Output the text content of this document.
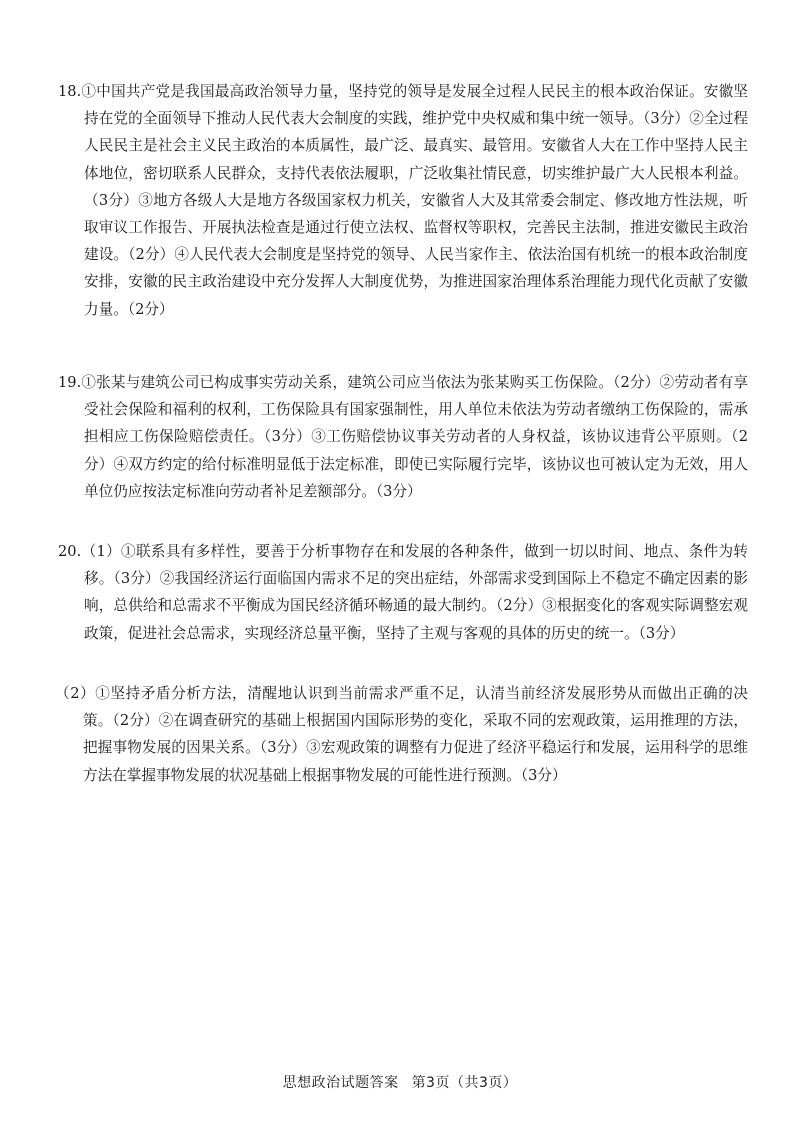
18.①中国共产党是我国最高政治领导力量，坚持党的领导是发展全过程人民民主的根本政治保证。安徽坚持在党的全面领导下推动人民代表大会制度的实践，维护党中央权威和集中统一领导。（3分）②全过程人民民主是社会主义民主政治的本质属性，最广泛、最真实、最管用。安徽省人大在工作中坚持人民主体地位，密切联系人民群众，支持代表依法履职，广泛收集社情民意，切实维护最广大人民根本利益。（3分）③地方各级人大是地方各级国家权力机关，安徽省人大及其常委会制定、修改地方性法规，听取审议工作报告、开展执法检查是通过行使立法权、监督权等职权，完善民主法制，推进安徽民主政治建设。（2分）④人民代表大会制度是坚持党的领导、人民当家作主、依法治国有机统一的根本政治制度安排，安徽的民主政治建设中充分发挥人大制度优势，为推进国家治理体系治理能力现代化贡献了安徽力量。（2分）

19.①张某与建筑公司已构成事实劳动关系，建筑公司应当依法为张某购买工伤保险。（2分）②劳动者有享受社会保险和福利的权利，工伤保险具有国家强制性，用人单位未依法为劳动者缴纳工伤保险的，需承担相应工伤保险赔偿责任。（3分）③工伤赔偿协议事关劳动者的人身权益，该协议违背公平原则。（2分）④双方约定的给付标准明显低于法定标准，即使已实际履行完毕，该协议也可被认定为无效，用人单位仍应按法定标准向劳动者补足差额部分。（3分）

20.（1）①联系具有多样性，要善于分析事物存在和发展的各种条件，做到一切以时间、地点、条件为转移。（3分）②我国经济运行面临国内需求不足的突出症结，外部需求受到国际上不稳定不确定因素的影响，总供给和总需求不平衡成为国民经济循环畅通的最大制约。（2分）③根据变化的客观实际调整宏观政策，促进社会总需求，实现经济总量平衡，坚持了主观与客观的具体的历史的统一。（3分）

（2）①坚持矛盾分析方法，清醒地认识到当前需求严重不足，认清当前经济发展形势从而做出正确的决策。（2分）②在调查研究的基础上根据国内国际形势的变化，采取不同的宏观政策，运用推理的方法，把握事物发展的因果关系。（3分）③宏观政策的调整有力促进了经济平稳运行和发展，运用科学的思维方法在掌握事物发展的状况基础上根据事物发展的可能性进行预测。（3分）

思想政治试题答案 第3页（共3页）
